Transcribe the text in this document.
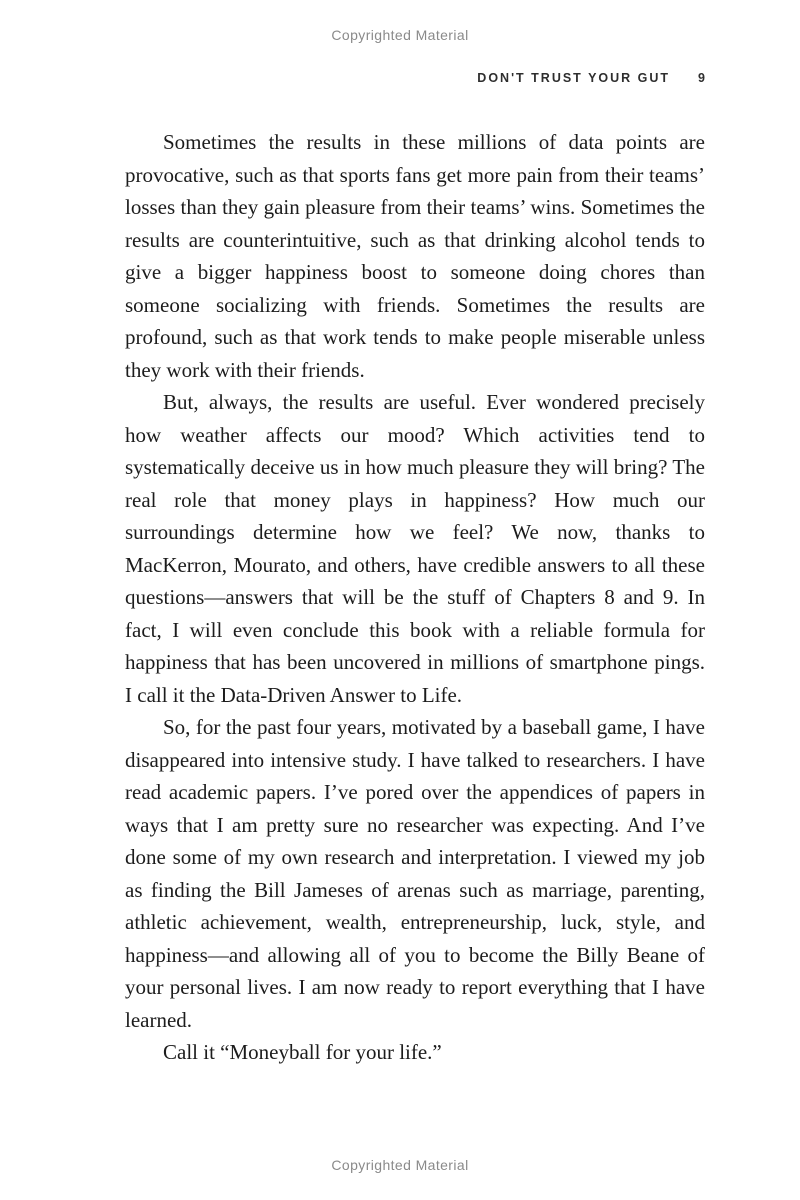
Copyrighted Material
DON'T TRUST YOUR GUT 9

Sometimes the results in these millions of data points are provocative, such as that sports fans get more pain from their teams’ losses than they gain pleasure from their teams’ wins. Sometimes the results are counterintuitive, such as that drinking alcohol tends to give a bigger happiness boost to someone doing chores than someone socializing with friends. Sometimes the results are profound, such as that work tends to make people miserable unless they work with their friends.

But, always, the results are useful. Ever wondered precisely how weather affects our mood? Which activities tend to systematically deceive us in how much pleasure they will bring? The real role that money plays in happiness? How much our surroundings determine how we feel? We now, thanks to MacKerron, Mourato, and others, have credible answers to all these questions—answers that will be the stuff of Chapters 8 and 9. In fact, I will even conclude this book with a reliable formula for happiness that has been uncovered in millions of smartphone pings. I call it the Data-Driven Answer to Life.

So, for the past four years, motivated by a baseball game, I have disappeared into intensive study. I have talked to researchers. I have read academic papers. I’ve pored over the appendices of papers in ways that I am pretty sure no researcher was expecting. And I’ve done some of my own research and interpretation. I viewed my job as finding the Bill Jameses of arenas such as marriage, parenting, athletic achievement, wealth, entrepreneurship, luck, style, and happiness—and allowing all of you to become the Billy Beane of your personal lives. I am now ready to report everything that I have learned.

Call it “Moneyball for your life.”

Copyrighted Material
